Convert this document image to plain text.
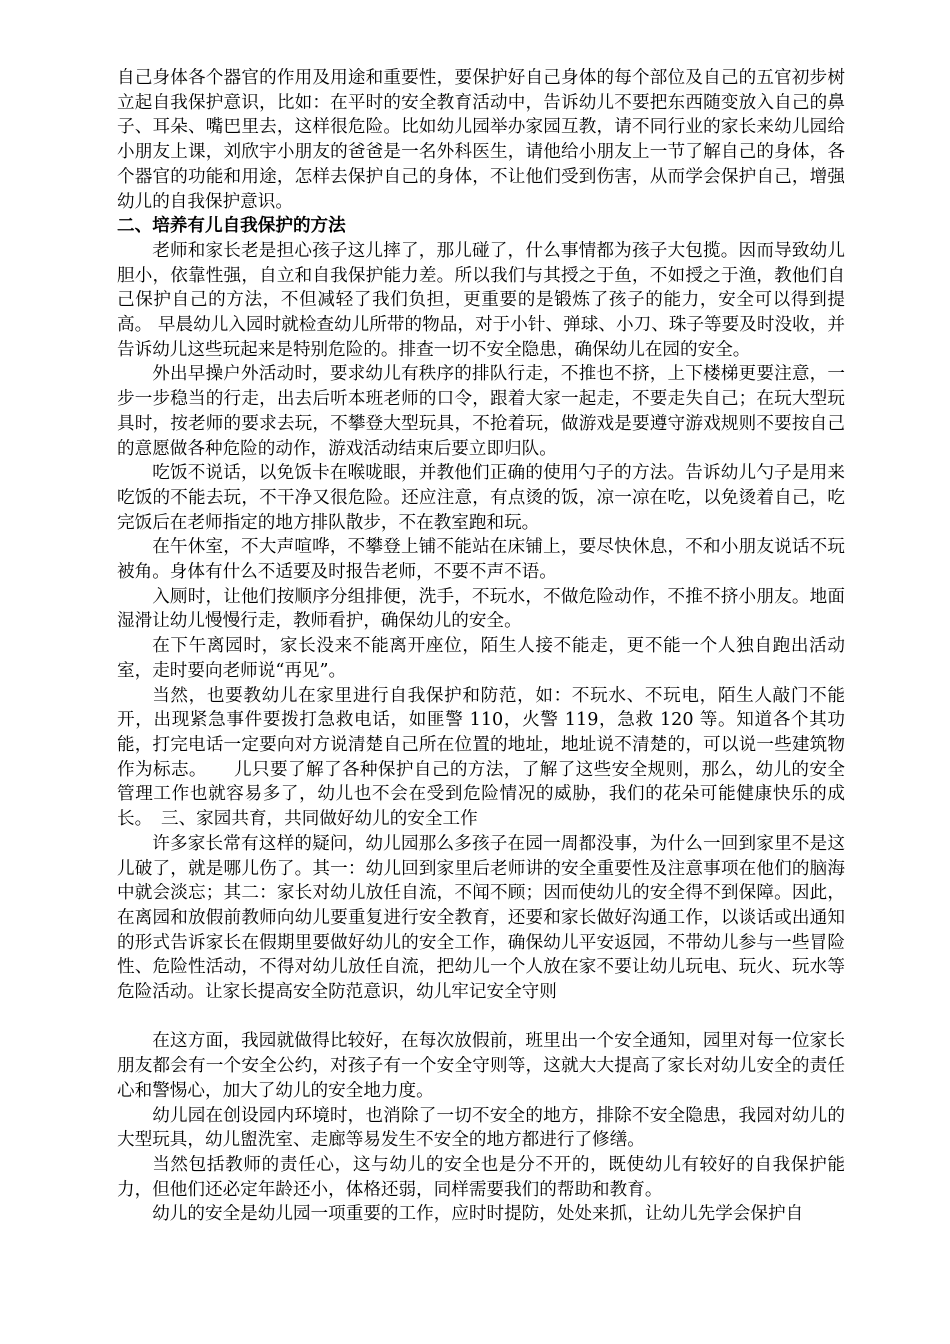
自己身体各个器官的作用及用途和重要性，要保护好自己身体的每个部位及自己的五官初步树立起自我保护意识，比如：在平时的安全教育活动中，告诉幼儿不要把东西随变放入自己的鼻子、耳朵、嘴巴里去，这样很危险。比如幼儿园举办家园互教，请不同行业的家长来幼儿园给小朋友上课，刘欣宇小朋友的爸爸是一名外科医生，请他给小朋友上一节了解自己的身体，各个器官的功能和用途，怎样去保护自己的身体，不让他们受到伤害，从而学会保护自己，增强幼儿的自我保护意识。

二、培养有儿自我保护的方法

老师和家长老是担心孩子这儿摔了，那儿碰了，什么事情都为孩子大包揽。因而导致幼儿胆小，依靠性强，自立和自我保护能力差。所以我们与其授之于鱼，不如授之于渔，教他们自己保护自己的方法，不但减轻了我们负担，更重要的是锻炼了孩子的能力，安全可以得到提高。 早晨幼儿入园时就检查幼儿所带的物品，对于小针、弹球、小刀、珠子等要及时没收，并告诉幼儿这些玩起来是特别危险的。排查一切不安全隐患，确保幼儿在园的安全。

外出早操户外活动时，要求幼儿有秩序的排队行走，不推也不挤，上下楼梯更要注意，一步一步稳当的行走，出去后听本班老师的口令，跟着大家一起走，不要走失自己；在玩大型玩具时，按老师的要求去玩，不攀登大型玩具，不抢着玩，做游戏是要遵守游戏规则不要按自己的意愿做各种危险的动作，游戏活动结束后要立即归队。

吃饭不说话，以免饭卡在喉咙眼，并教他们正确的使用勺子的方法。告诉幼儿勺子是用来吃饭的不能去玩，不干净又很危险。还应注意，有点烫的饭，凉一凉在吃，以免烫着自己，吃完饭后在老师指定的地方排队散步，不在教室跑和玩。

在午休室，不大声喧哗，不攀登上铺不能站在床铺上，要尽快休息，不和小朋友说话不玩被角。身体有什么不适要及时报告老师，不要不声不语。

入厕时，让他们按顺序分组排便，洗手，不玩水，不做危险动作，不推不挤小朋友。地面湿滑让幼儿慢慢行走，教师看护，确保幼儿的安全。

在下午离园时，家长没来不能离开座位，陌生人接不能走，更不能一个人独自跑出活动室，走时要向老师说“再见”。

当然，也要教幼儿在家里进行自我保护和防范，如：不玩水、不玩电，陌生人敲门不能开，出现紧急事件要拨打急救电话，如匪警 110，火警 119，急救 120 等。知道各个其功能，打完电话一定要向对方说清楚自己所在位置的地址，地址说不清楚的，可以说一些建筑物作为标志。　　儿只要了解了各种保护自己的方法，了解了这些安全规则，那么，幼儿的安全管理工作也就容易多了，幼儿也不会在受到危险情况的威胁，我们的花朵可能健康快乐的成长。　三、家园共育，共同做好幼儿的安全工作

许多家长常有这样的疑问，幼儿园那么多孩子在园一周都没事，为什么一回到家里不是这儿破了，就是哪儿伤了。其一：幼儿回到家里后老师讲的安全重要性及注意事项在他们的脑海中就会淡忘；其二：家长对幼儿放任自流，不闻不顾；因而使幼儿的安全得不到保障。因此，在离园和放假前教师向幼儿要重复进行安全教育，还要和家长做好沟通工作，以谈话或出通知的形式告诉家长在假期里要做好幼儿的安全工作，确保幼儿平安返园，不带幼儿参与一些冒险性、危险性活动，不得对幼儿放任自流，把幼儿一个人放在家不要让幼儿玩电、玩火、玩水等危险活动。让家长提高安全防范意识，幼儿牢记安全守则

在这方面，我园就做得比较好，在每次放假前，班里出一个安全通知，园里对每一位家长朋友都会有一个安全公约，对孩子有一个安全守则等，这就大大提高了家长对幼儿安全的责任心和警惕心，加大了幼儿的安全地力度。

幼儿园在创设园内环境时，也消除了一切不安全的地方，排除不安全隐患，我园对幼儿的大型玩具，幼儿盥洗室、走廊等易发生不安全的地方都进行了修缮。

当然包括教师的责任心，这与幼儿的安全也是分不开的，既使幼儿有较好的自我保护能力，但他们还必定年龄还小，体格还弱，同样需要我们的帮助和教育。

幼儿的安全是幼儿园一项重要的工作，应时时提防，处处来抓，让幼儿先学会保护自
